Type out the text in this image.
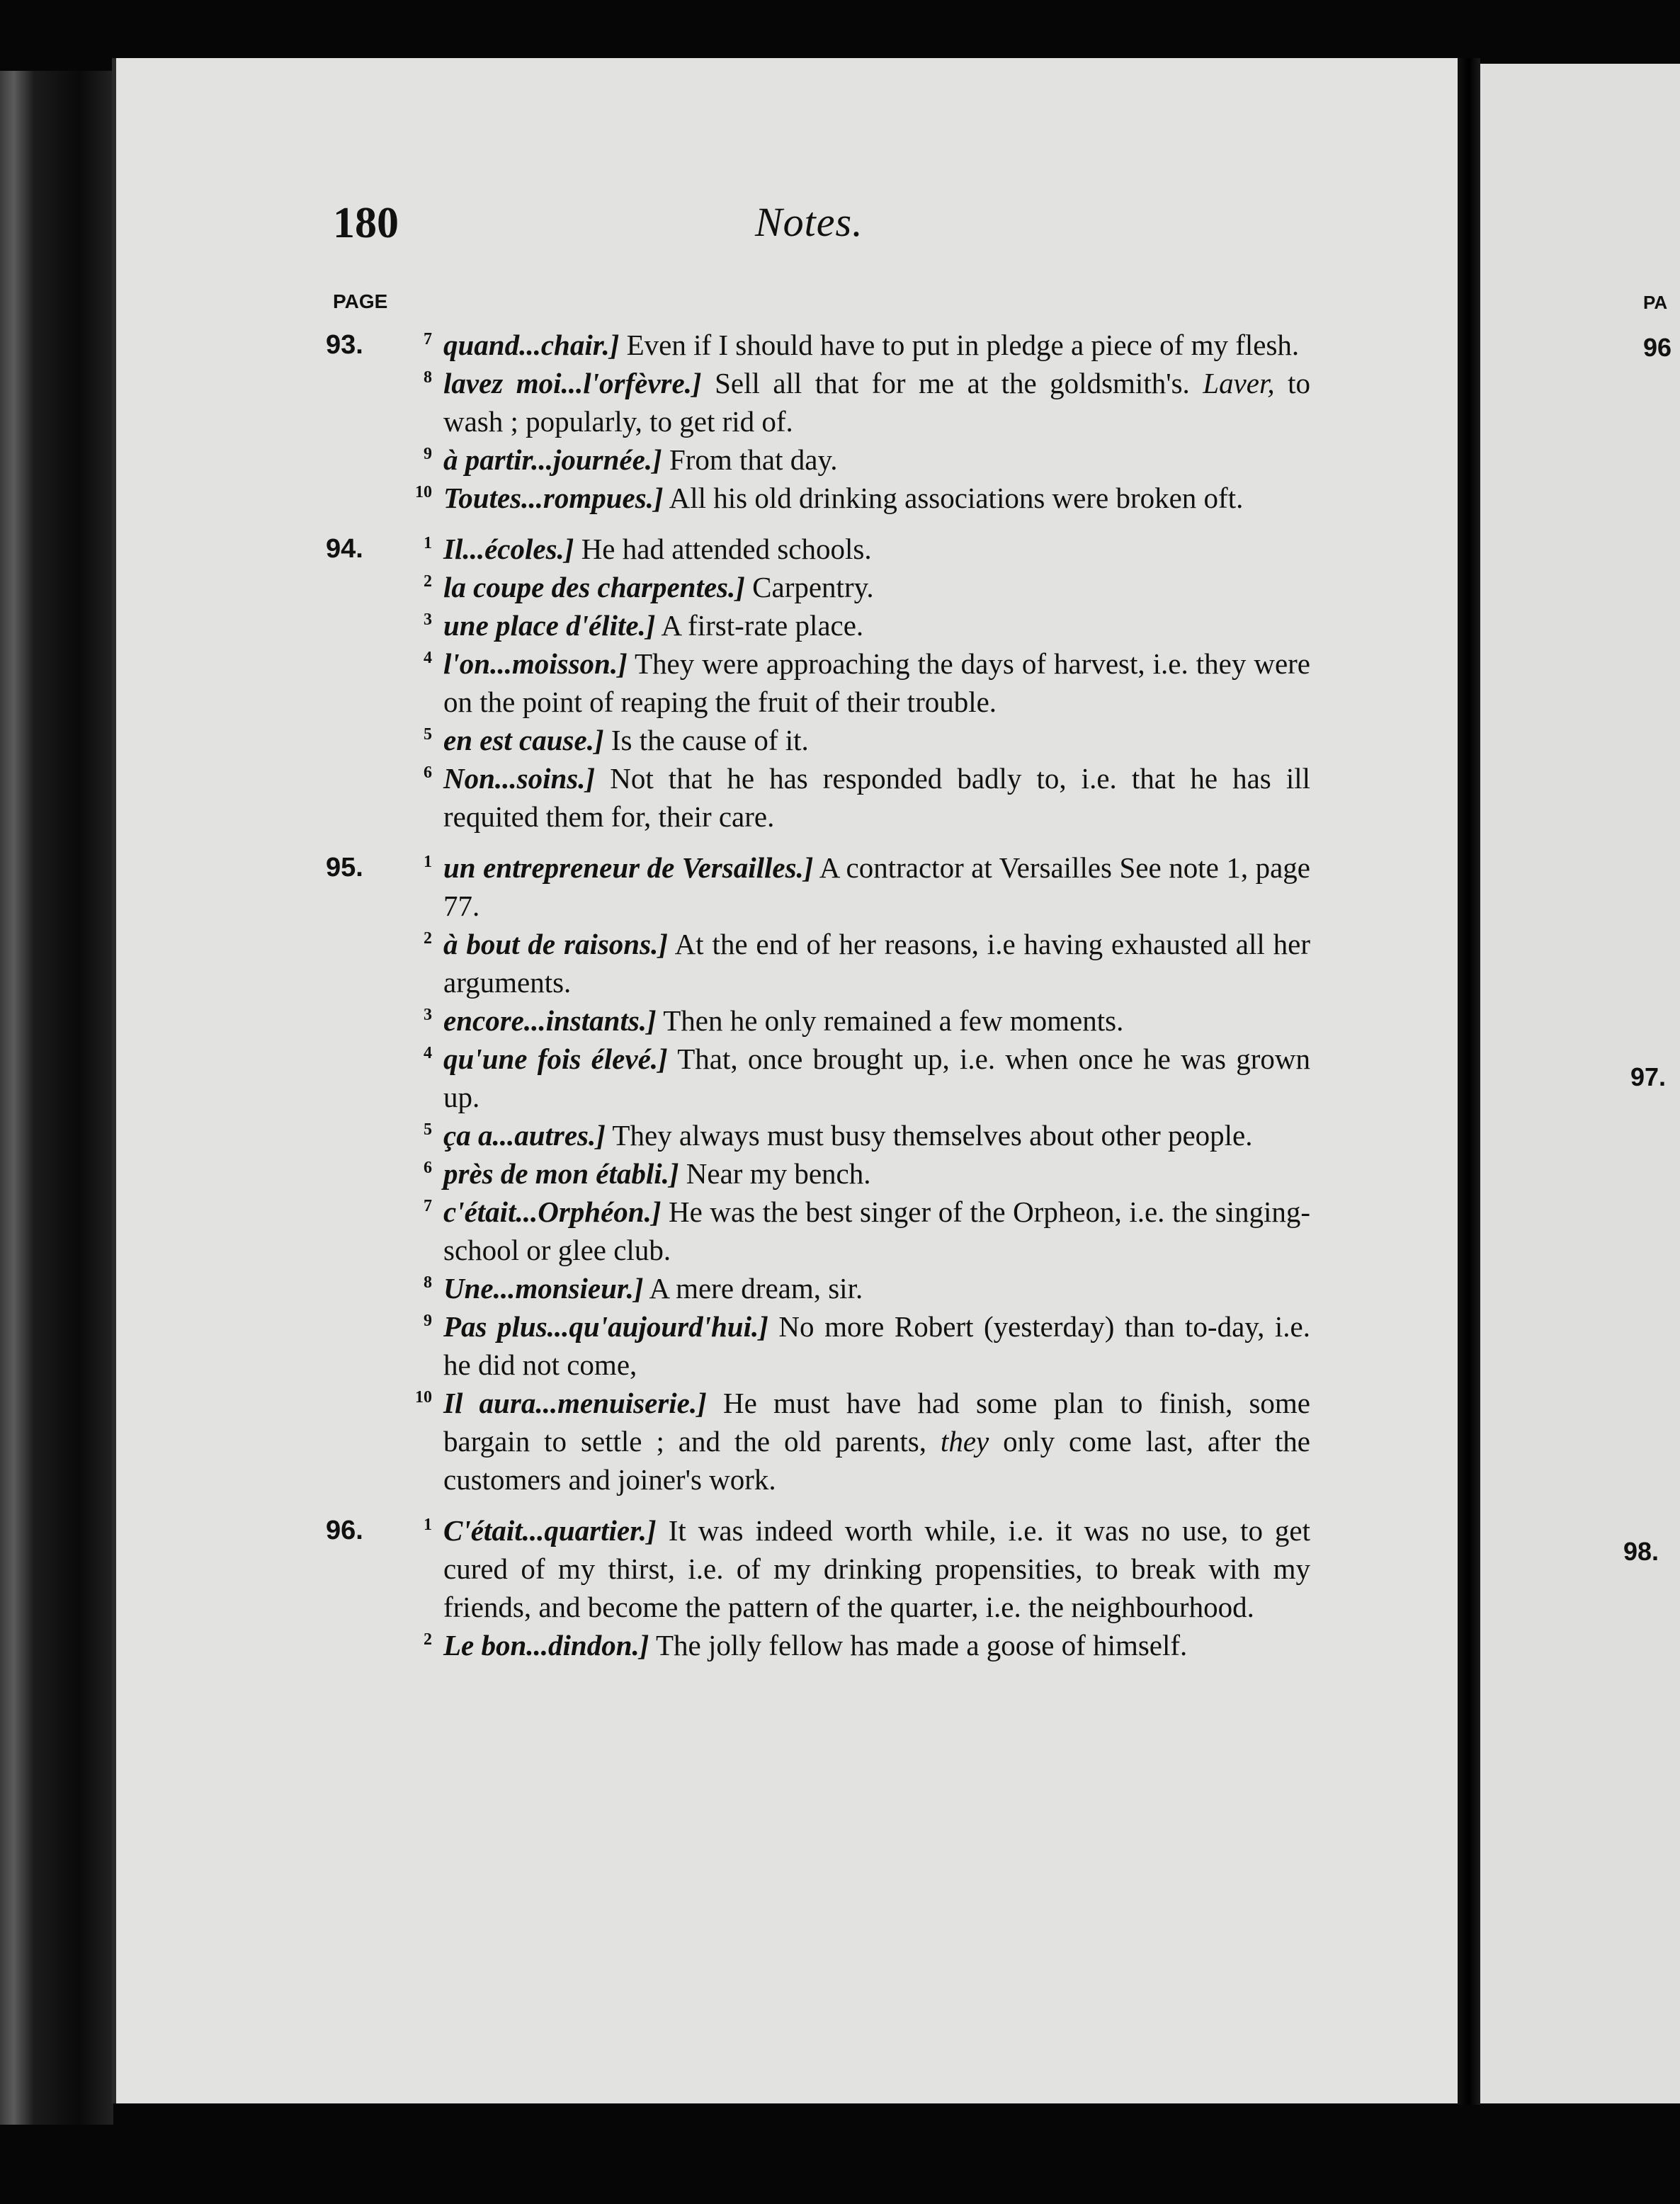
180	Notes.
PAGE
93.	7 quand...chair.] Even if I should have to put in pledge a piece of my flesh.
8 lavez moi...l'orfèvre.] Sell all that for me at the goldsmith's. Laver, to wash ; popularly, to get rid of.
9 à partir...journée.] From that day.
10 Toutes...rompues.] All his old drinking associations were broken oft.
94.	1 Il...écoles.] He had attended schools.
2 la coupe des charpentes.] Carpentry.
3 une place d'élite.] A first-rate place.
4 l'on...moisson.] They were approaching the days of harvest, i.e. they were on the point of reaping the fruit of their trouble.
5 en est cause.] Is the cause of it.
6 Non...soins.] Not that he has responded badly to, i.e. that he has ill requited them for, their care.
95.	1 un entrepreneur de Versailles.] A contractor at Versailles See note 1, page 77.
2 à bout de raisons.] At the end of her reasons, i.e having exhausted all her arguments.
3 encore...instants.] Then he only remained a few moments.
4 qu'une fois élevé.] That, once brought up, i.e. when once he was grown up.
5 ça a...autres.] They always must busy themselves about other people.
6 près de mon établi.] Near my bench.
7 c'était...Orphéon.] He was the best singer of the Orpheon, i.e. the singing-school or glee club.
8 Une...monsieur.] A mere dream, sir.
9 Pas plus...qu'aujourd'hui.] No more Robert (yesterday) than to-day, i.e. he did not come,
10 Il aura...menuiserie.] He must have had some plan to finish, some bargain to settle ; and the old parents, they only come last, after the customers and joiner's work.
96.	1 C'était...quartier.] It was indeed worth while, i.e. it was no use, to get cured of my thirst, i.e. of my drinking propensities, to break with my friends, and become the pattern of the quarter, i.e. the neighbourhood.
2 Le bon...dindon.] The jolly fellow has made a goose of himself.
PA
96
97.
98.
